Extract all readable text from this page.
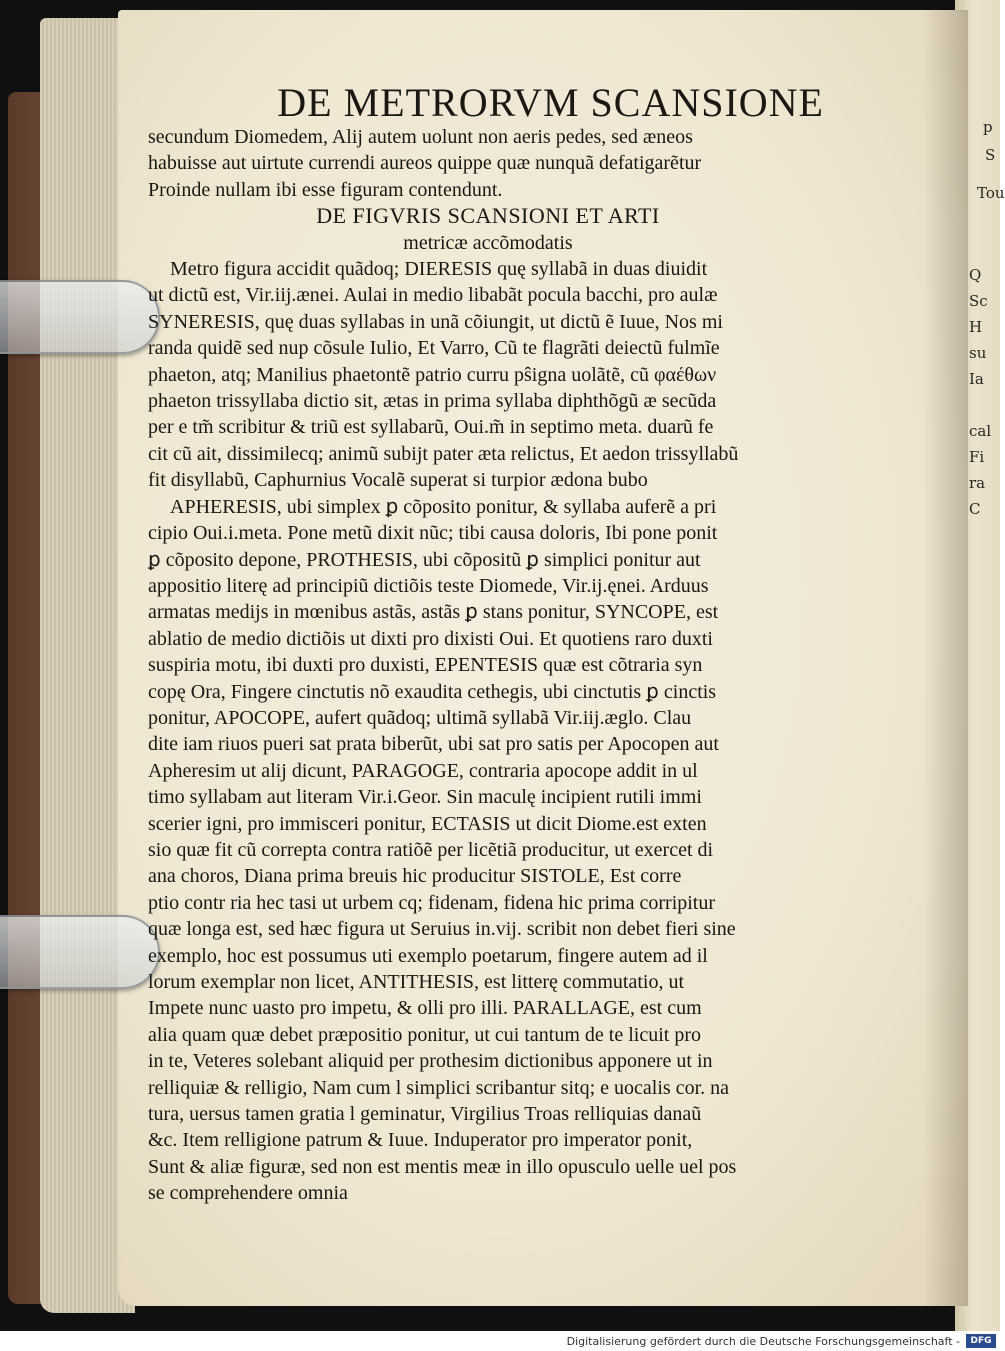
p
S
Tou
Q
Sc
H
su
Ia
cal
Fi
ra
C
DE METRORVM SCANSIONE
secundum Diomedem, Alij autem uolunt non aeris pedes, sed æneos
habuisse aut uirtute currendi aureos quippe quæ nunquã defatigarẽtur
Proinde nullam ibi esse figuram contendunt.
DE FIGVRIS SCANSIONI ET ARTI
metricæ accõmodatis
Metro figura accidit quãdoq; DIERESIS quę syllabã in duas diuidit
ut dictũ est, Vir.iij.ænei. Aulai in medio libabãt pocula bacchi, pro aulæ
SYNERESIS, quę duas syllabas in unã cõiungit, ut dictũ ẽ Iuue, Nos mi
randa quidẽ sed nup cõsule Iulio, Et Varro, Cũ te flagrãti deiectũ fulmĩe
phaeton, atq; Manilius phaetontẽ patrio curru pŝigna uolãtẽ, cũ φαέθων
phaeton trissyllaba dictio sit, ætas in prima syllaba diphthõgũ æ secũda
per e tm̃ scribitur & triũ est syllabarũ, Oui.m̃ in septimo meta. duarũ fe
cit cũ ait, dissimilecq; animũ subijt pater æta relictus, Et aedon trissyllabũ
fit disyllabũ, Caphurnius Vocalẽ superat si turpior ædona bubo
APHERESIS, ubi simplex ꝑ cõposito ponitur, & syllaba auferẽ a pri
cipio Oui.i.meta. Pone metũ dixit nũc; tibi causa doloris, Ibi pone ponit
ꝑ cõposito depone, PROTHESIS, ubi cõpositũ ꝑ simplici ponitur aut
appositio literę ad principiũ dictiõis teste Diomede, Vir.ij.ęnei. Arduus
armatas medijs in mœnibus astãs, astãs ꝑ stans ponitur, SYNCOPE, est
ablatio de medio dictiõis ut dixti pro dixisti Oui. Et quotiens raro duxti
suspiria motu, ibi duxti pro duxisti, EPENTESIS quæ est cõtraria syn
copę Ora, Fingere cinctutis nõ exaudita cethegis, ubi cinctutis ꝑ cinctis
ponitur, APOCOPE, aufert quãdoq; ultimã syllabã Vir.iij.æglo. Clau
dite iam riuos pueri sat prata biberũt, ubi sat pro satis per Apocopen aut
Apheresim ut alij dicunt, PARAGOGE, contraria apocope addit in ul
timo syllabam aut literam Vir.i.Geor. Sin maculę incipient rutili immi
scerier igni, pro immisceri ponitur, ECTASIS ut dicit Diome.est exten
sio quæ fit cũ correpta contra ratiõẽ per licẽtiã producitur, ut exercet di
ana choros, Diana prima breuis hic producitur SISTOLE, Est corre
ptio contr ria hec tasi ut urbem cq; fidenam, fidena hic prima corripitur
quæ longa est, sed hæc figura ut Seruius in.vij. scribit non debet fieri sine
exemplo, hoc est possumus uti exemplo poetarum, fingere autem ad il
lorum exemplar non licet, ANTITHESIS, est litterę commutatio, ut
Impete nunc uasto pro impetu, & olli pro illi. PARALLAGE, est cum
alia quam quæ debet præpositio ponitur, ut cui tantum de te licuit pro
in te, Veteres solebant aliquid per prothesim dictionibus apponere ut in
relliquiæ & relligio, Nam cum l simplici scribantur sitq; e uocalis cor. na
tura, uersus tamen gratia l geminatur, Virgilius Troas relliquias danaũ
&c. Item relligione patrum & Iuue. Induperator pro imperator ponit,
Sunt & aliæ figuræ, sed non est mentis meæ in illo opusculo uelle uel pos
se comprehendere omnia
Digitalisierung gefördert durch die Deutsche Forschungsgemeinschaft -	DFG
